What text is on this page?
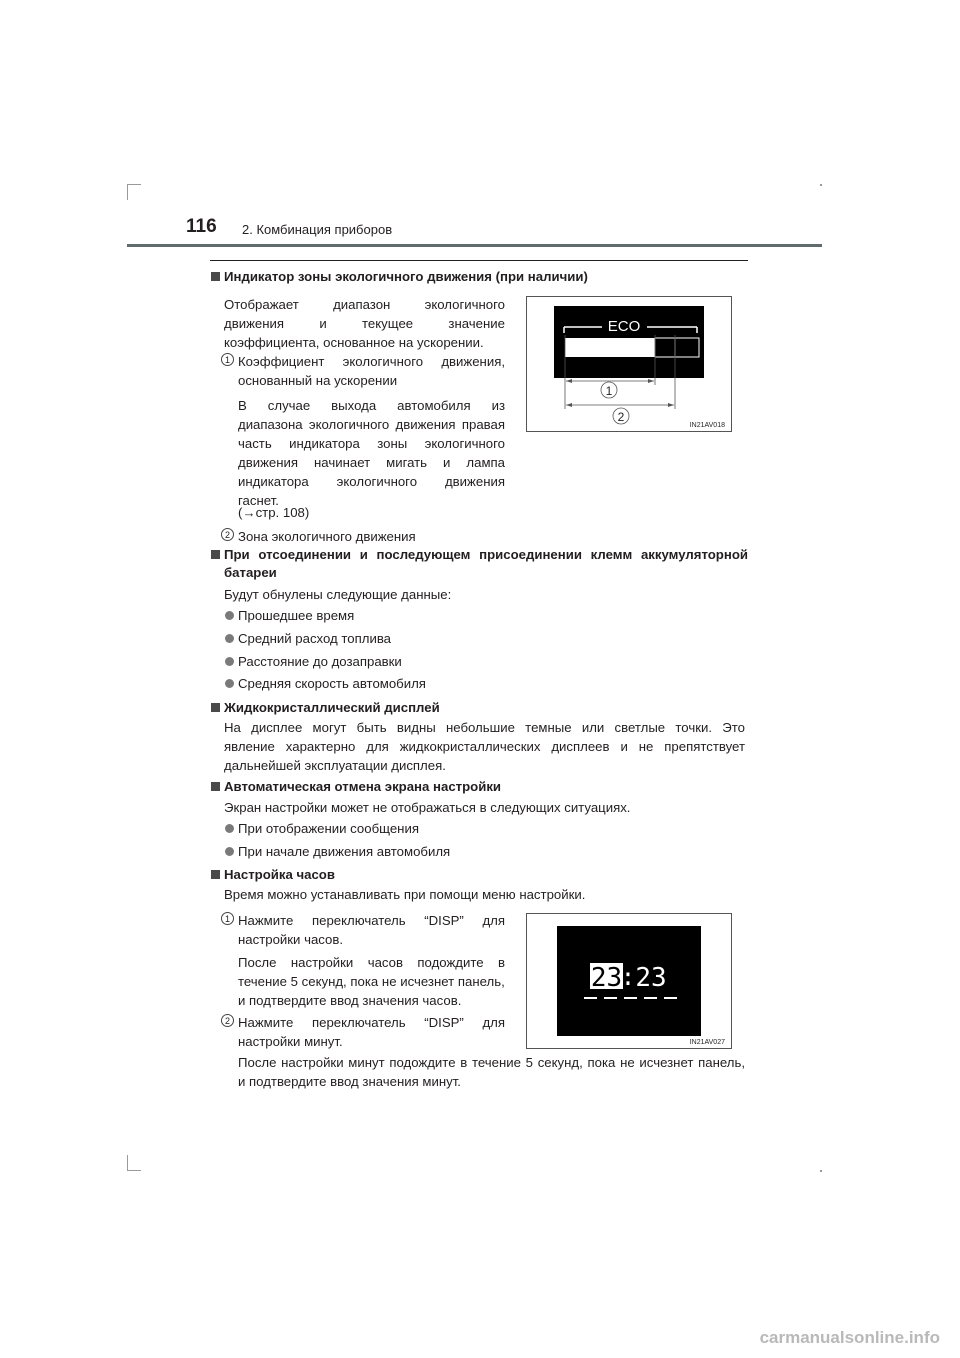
116 2. Комбинация приборов
Индикатор зоны экологичного движения (при наличии)
Отображает диапазон экологичного
движения и текущее значение
коэффициента, основанное на ускорении.
1 Коэффициент экологичного движения,
основанный на ускорении
В случае выхода автомобиля из
диапазона экологичного движения правая
часть индикатора зоны экологичного
движения начинает мигать и лампа
индикатора экологичного движения
гаснет.
(→стр. 108)
2 Зона экологичного движения
ECO
1
2
IN21AV018
При отсоединении и последующем присоединении клемм аккумуляторной
батареи
Будут обнулены следующие данные:
Прошедшее время
Средний расход топлива
Расстояние до дозаправки
Средняя скорость автомобиля
Жидкокристаллический дисплей
На дисплее могут быть видны небольшие темные или светлые точки. Это
явление характерно для жидкокристаллических дисплеев и не препятствует
дальнейшей эксплуатации дисплея.
Автоматическая отмена экрана настройки
Экран настройки может не отображаться в следующих ситуациях.
При отображении сообщения
При начале движения автомобиля
Настройка часов
Время можно устанавливать при помощи меню настройки.
1 Нажмите переключатель “DISP” для
настройки часов.
После настройки часов подождите в
течение 5 секунд, пока не исчезнет панель,
и подтвердите ввод значения часов.
2 Нажмите переключатель “DISP” для
настройки минут.
После настройки минут подождите в течение 5 секунд, пока не исчезнет панель,
и подтвердите ввод значения минут.
23
: 23
IN21AV027
carmanualsonline.info
